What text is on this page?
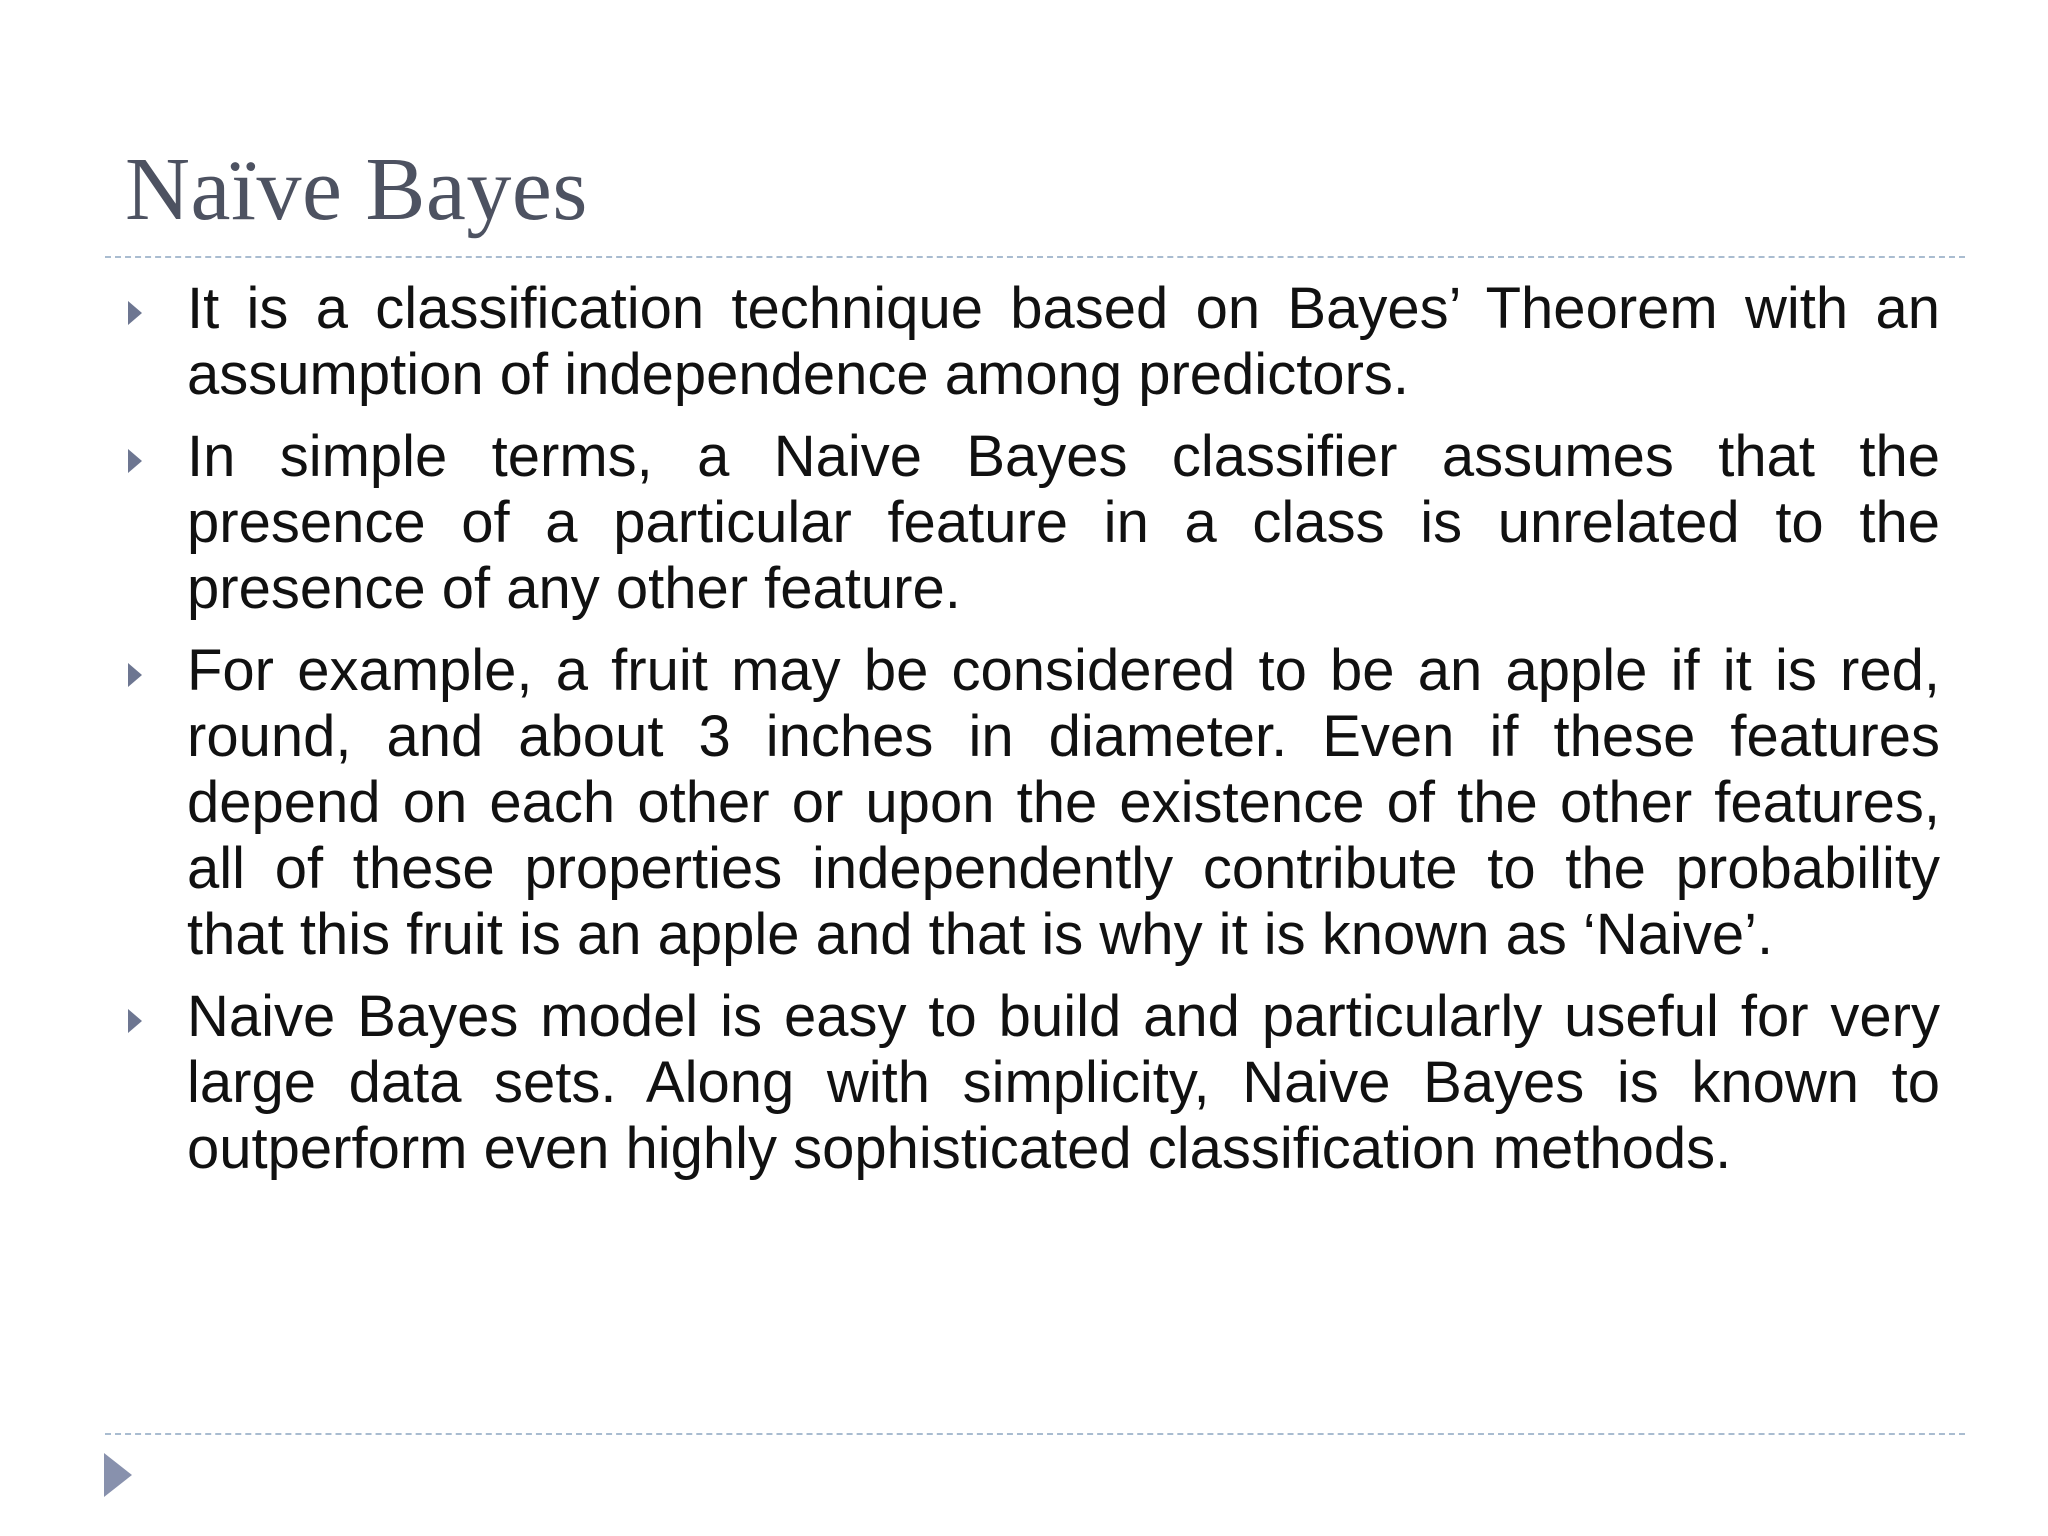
Naïve Bayes

It is a classification technique based on Bayes’ Theorem with an assumption of independence among predictors.

In simple terms, a Naive Bayes classifier assumes that the presence of a particular feature in a class is unrelated to the presence of any other feature.

For example, a fruit may be considered to be an apple if it is red, round, and about 3 inches in diameter. Even if these features depend on each other or upon the existence of the other features, all of these properties independently contribute to the probability that this fruit is an apple and that is why it is known as ‘Naive’.

Naive Bayes model is easy to build and particularly useful for very large data sets. Along with simplicity, Naive Bayes is known to outperform even highly sophisticated classification methods.
